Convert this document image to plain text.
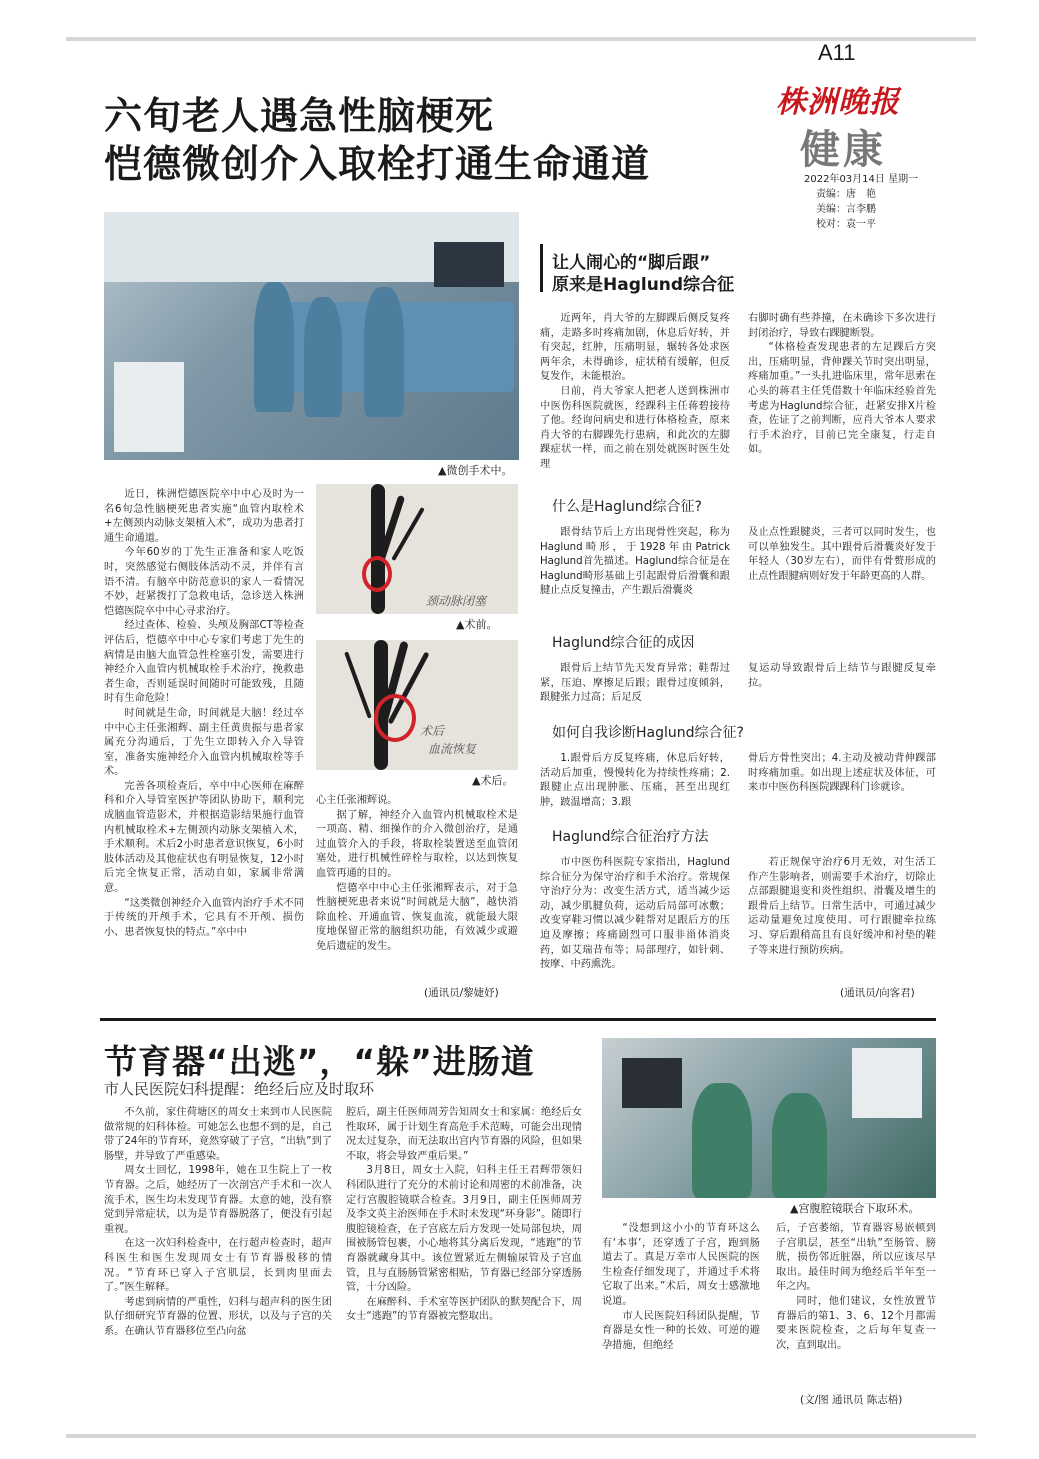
A11
株洲晚报
健康
2022年03月14日 星期一
责编：唐　艳
美编：言李鹏
校对：袁一平
六旬老人遇急性脑梗死
恺德微创介入取栓打通生命通道
▲微创手术中。
颈动脉闭塞
▲术前。
术后
血流恢复
▲术后。

近日，株洲恺德医院卒中中心及时为一名6旬急性脑梗死患者实施“血管内取栓术+左侧颈内动脉支架植入术”，成功为患者打通生命通道。

今年60岁的丁先生正准备和家人吃饭时，突然感觉右侧肢体活动不灵，并伴有言语不清。有脑卒中防范意识的家人一看情况不妙，赶紧拨打了急救电话，急诊送入株洲恺德医院卒中中心寻求治疗。

经过查体、检验、头颅及胸部CT等检查评估后，恺德卒中中心专家们考虑丁先生的病情是由脑大血管急性栓塞引发，需要进行神经介入血管内机械取栓手术治疗，挽救患者生命，否则延误时间随时可能致残，且随时有生命危险！

时间就是生命，时间就是大脑！经过卒中中心主任张湘辉、副主任黄贵振与患者家属充分沟通后，丁先生立即转入介入导管室，准备实施神经介入血管内机械取栓等手术。

完善各项检查后，卒中中心医师在麻醉科和介入导管室医护等团队协助下，顺利完成脑血管造影术，并根据造影结果施行血管内机械取栓术+左侧颈内动脉支架植入术，手术顺利。术后2小时患者意识恢复，6小时肢体活动及其他症状也有明显恢复，12小时后完全恢复正常，活动自如，家属非常满意。

“这类微创神经介入血管内治疗手术不同于传统的开颅手术，它具有不开颅、损伤小、患者恢复快的特点。”卒中中

心主任张湘辉说。

据了解，神经介入血管内机械取栓术是一项高、精、细操作的介入微创治疗，是通过血管介入的手段，将取栓装置送至血管闭塞处，进行机械性碎栓与取栓，以达到恢复血管再通的目的。

恺德卒中中心主任张湘辉表示，对于急性脑梗死患者来说“时间就是大脑”，越快消除血栓、开通血管、恢复血流，就能最大限度地保留正常的脑组织功能，有效减少或避免后遗症的发生。

(通讯员/黎婕妤)
让人闹心的“脚后跟”
原来是Haglund综合征

近两年，肖大爷的左脚踝后侧反复疼痛，走路多时疼痛加剧，休息后好转，并有突起，红肿，压痛明显，辗转各处求医两年余，未得确诊，症状稍有缓解，但反复发作，未能根治。

日前，肖大爷家人把老人送到株洲市中医伤科医院就医，经踝科主任蒋碧接待了他。经询问病史和进行体格检查，原来肖大爷的右脚踝先行患病，和此次的左脚踝症状一样，而之前在别处就医时医生处理

右脚时确有些莽撞，在未确诊下多次进行封闭治疗，导致右踝腱断裂。

“体格检查发现患者的左足踝后方突出，压痛明显，背伸踝关节时突出明显，疼痛加重。”一头扎进临床里，常年思索在心头的蒋君主任凭借数十年临床经验首先考虑为Haglund综合征，赶紧安排X片检查，佐证了之前判断，应肖大爷本人要求行手术治疗，目前已完全康复，行走自如。

什么是Haglund综合征?

跟骨结节后上方出现骨性突起，称为Haglund畸形，于1928年由Patrick Haglund首先描述。Haglund综合征是在Haglund畸形基础上引起跟骨后滑囊和跟腱止点反复撞击，产生跟后滑囊炎

及止点性跟腱炎，三者可以同时发生，也可以单独发生。其中跟骨后滑囊炎好发于年轻人（30岁左右），而伴有骨赘形成的止点性跟腱病则好发于年龄更高的人群。

Haglund综合征的成因

跟骨后上结节先天发育异常；鞋帮过紧，压迫、摩擦足后跟；跟骨过度倾斜，跟腱张力过高；后足反

复运动导致跟骨后上结节与跟腱反复牵拉。

如何自我诊断Haglund综合征?

1.跟骨后方反复疼痛，休息后好转，活动后加重，慢慢转化为持续性疼痛；2.跟腱止点出现肿胀、压痛，甚至出现红肿，跛温增高；3.跟

骨后方骨性突出；4.主动及被动背伸踝部时疼痛加重。如出现上述症状及体征，可来市中医伤科医院踝踝科门诊就诊。

Haglund综合征治疗方法

市中医伤科医院专家指出，Haglund综合征分为保守治疗和手术治疗。常规保守治疗分为：改变生活方式，适当减少运动，减少肌腱负荷，运动后局部可冰敷；改变穿鞋习惯以减少鞋帮对足跟后方的压迫及摩擦；疼痛剧烈可口服非甾体消炎药，如艾瑞昔布等；局部理疗，如针刺、按摩、中药熏洗。

若正规保守治疗6月无效，对生活工作产生影响者，则需要手术治疗，切除止点部跟腱退变和炎性组织、滑囊及增生的跟骨后上结节。日常生活中，可通过减少运动量避免过度使用、可行跟腱牵拉练习、穿后跟稍高且有良好缓冲和衬垫的鞋子等来进行预防疾病。

(通讯员/向客君)
节育器“出逃”，“躲”进肠道
市人民医院妇科提醒：绝经后应及时取环
▲宫腹腔镜联合下取环术。

不久前，家住荷塘区的周女士来到市人民医院做常规的妇科体检。可她怎么也想不到的是，自己带了24年的节育环，竟然穿破了子宫，“出轨”到了肠壁，并导致了严重感染。

周女士回忆，1998年，她在卫生院上了一枚节育器。之后，她经历了一次剖宫产手术和一次人流手术，医生均未发现节育器。太意的她，没有察觉到异常症状，以为是节育器脱落了，便没有引起重视。

在这一次妇科检查中，在行超声检查时，超声科医生和医生发现周女士有节育器极移的情况。“节育环已穿入子宫肌层，长到肉里面去了。”医生解释。

考虑到病情的严重性，妇科与超声科的医生团队仔细研究节育器的位置、形状，以及与子宫的关系。在确认节育器移位至凸向盆

腔后，副主任医师周芳告知周女士和家属：绝经后女性取环，属于计划生育高危手术范畴，可能会出现情况太过复杂，而无法取出宫内节育器的风险，但如果不取，将会导致严重后果。”

3月8日，周女士入院，妇科主任王君辉带领妇科团队进行了充分的术前讨论和周密的术前准备，决定行宫腹腔镜联合检查。3月9日，副主任医师周芳及李文英主治医师在手术时未发现“环身影”。随即行腹腔镜检查，在子宫底左后方发现一处局部包块，周围被肠管包裹，小心地将其分离后发现，“逃跑”的节育器就藏身其中。该位置紧近左侧输尿管及子宫血管，且与直肠肠管紧密相贴，节育器已经部分穿透肠管，十分凶险。

在麻醉科、手术室等医护团队的默契配合下，周女士“逃跑”的节育器被完整取出。

“没想到这小小的节育环这么有‘本事’，还穿透了子宫，跑到肠道去了。真是万幸市人民医院的医生检查仔细发现了，并通过手术将它取了出来。”术后，周女士感激地说道。

市人民医院妇科团队提醒，节育器是女性一种的长效、可逆的避孕措施，但绝经

后，子宫萎缩，节育器容易嵌顿到子宫肌层，甚至“出轨”至肠管、膀胱，损伤邻近脏器，所以应该尽早取出。最佳时间为绝经后半年至一年之内。

同时，他们建议，女性放置节育器后的第1、3、6、12个月都需要来医院检查，之后每年复查一次，直到取出。

(文/图 通讯员 陈志梧)
